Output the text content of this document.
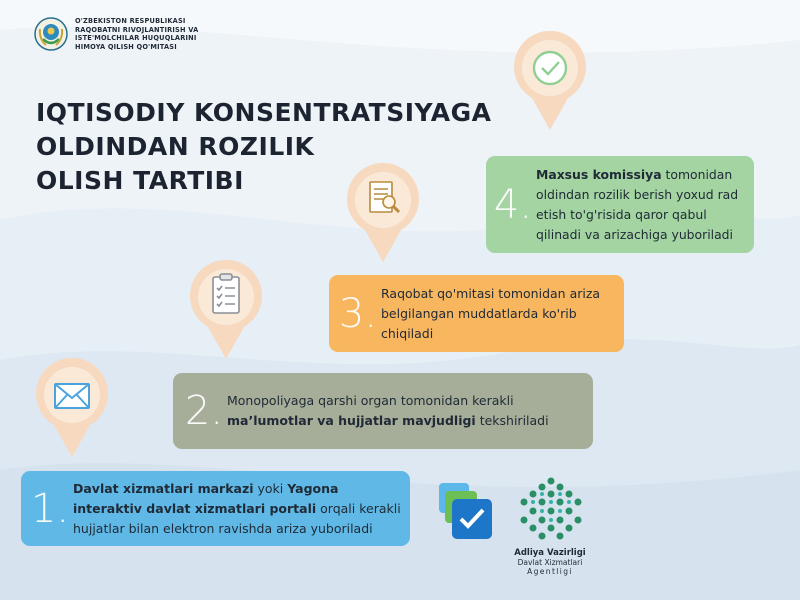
O'ZBEKISTON RESPUBLIKASI RAQOBATNI RIVOJLANTIRISH VA ISTE'MOLCHILAR HUQUQLARINI HIMOYA QILISH QO'MITASI
IQTISODIY KONSENTRATSIYAGA
OLDINDAN ROZILIK
OLISH TARTIBI
4.
Maxsus komissiya tomonidan oldindan rozilik berish yoxud rad etish to'g'risida qaror qabul qilinadi va arizachiga yuboriladi
3. Raqobat qo'mitasi tomonidan ariza belgilangan muddatlarda ko'rib chiqiladi
2. Monopoliyaga qarshi organ tomonidan kerakli ma’lumotlar va hujjatlar mavjudligi tekshiriladi
1. Davlat xizmatlari markazi yoki Yagona interaktiv davlat xizmatlari portali orqali kerakli hujjatlar bilan elektron ravishda ariza yuboriladi
Adliya Vazirligi
Davlat Xizmatlari
Agentligi
